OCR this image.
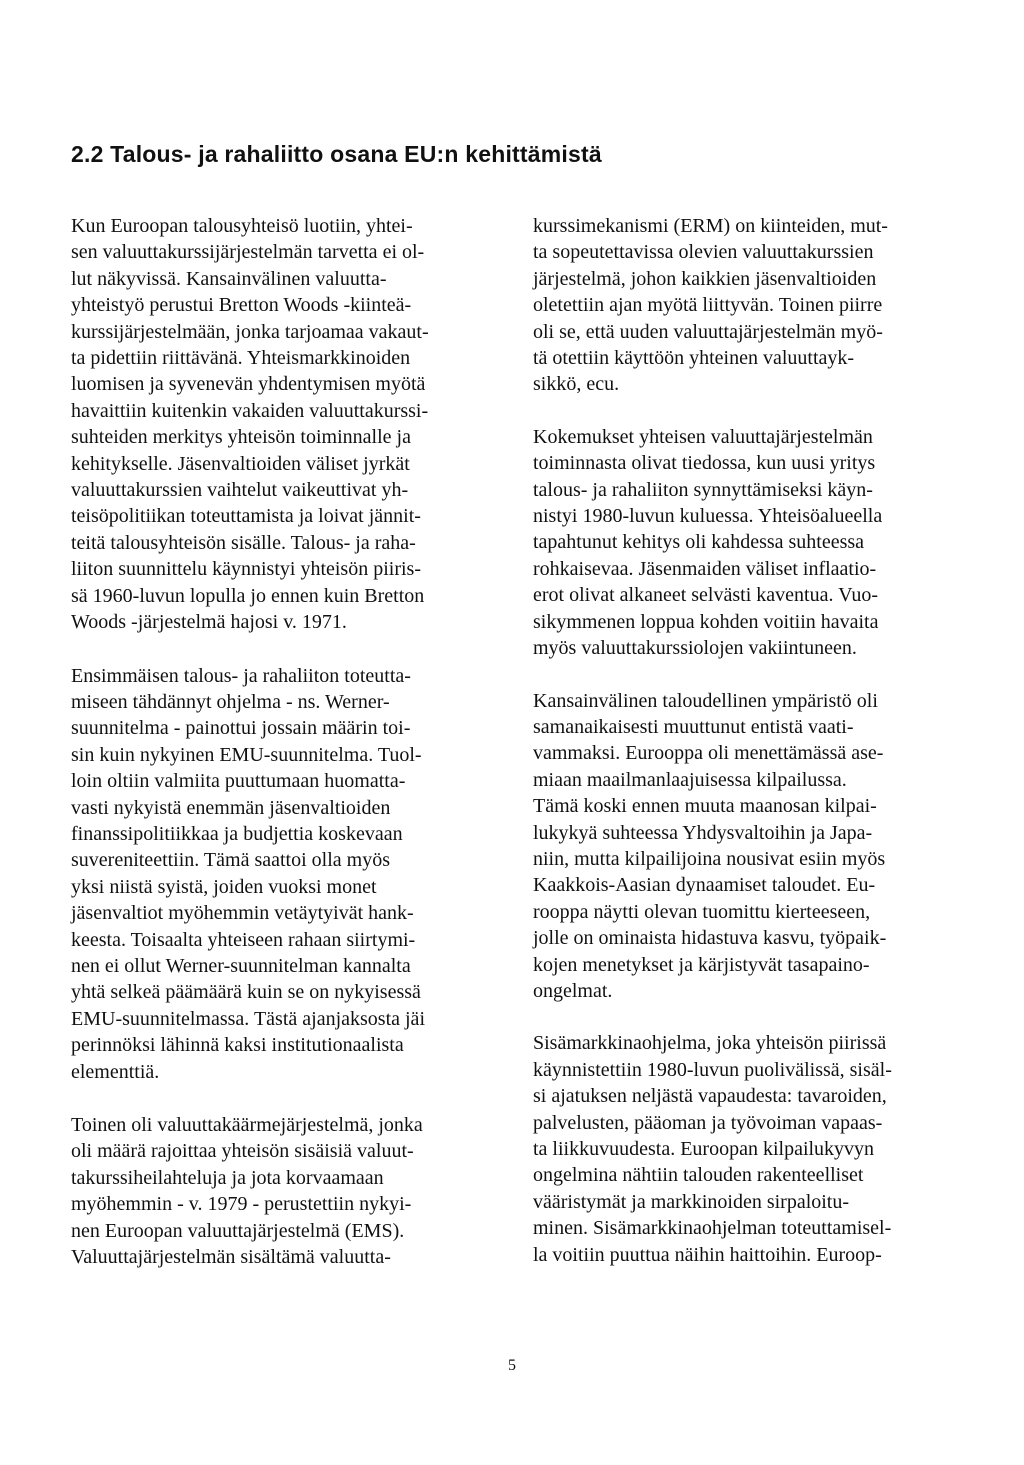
2.2 Talous- ja rahaliitto osana EU:n kehittämistä

Kun Euroopan talousyhteisö luotiin, yhtei-
sen valuuttakurssijärjestelmän tarvetta ei ol-
lut näkyvissä. Kansainvälinen valuutta-
yhteistyö perustui Bretton Woods -kiinteä-
kurssijärjestelmään, jonka tarjoamaa vakaut-
ta pidettiin riittävänä. Yhteismarkkinoiden
luomisen ja syvenevän yhdentymisen myötä
havaittiin kuitenkin vakaiden valuuttakurssi-
suhteiden merkitys yhteisön toiminnalle ja
kehitykselle. Jäsenvaltioiden väliset jyrkät
valuuttakurssien vaihtelut vaikeuttivat yh-
teisöpolitiikan toteuttamista ja loivat jännit-
teitä talousyhteisön sisälle. Talous- ja raha-
liiton suunnittelu käynnistyi yhteisön piiris-
sä 1960-luvun lopulla jo ennen kuin Bretton
Woods -järjestelmä hajosi v. 1971.

Ensimmäisen talous- ja rahaliiton toteutta-
miseen tähdännyt ohjelma - ns. Werner-
suunnitelma - painottui jossain määrin toi-
sin kuin nykyinen EMU-suunnitelma. Tuol-
loin oltiin valmiita puuttumaan huomatta-
vasti nykyistä enemmän jäsenvaltioiden
finanssipolitiikkaa ja budjettia koskevaan
suvereniteettiin. Tämä saattoi olla myös
yksi niistä syistä, joiden vuoksi monet
jäsenvaltiot myöhemmin vetäytyivät hank-
keesta. Toisaalta yhteiseen rahaan siirtymi-
nen ei ollut Werner-suunnitelman kannalta
yhtä selkeä päämäärä kuin se on nykyisessä
EMU-suunnitelmassa. Tästä ajanjaksosta jäi
perinnöksi lähinnä kaksi institutionaalista
elementtiä.

Toinen oli valuuttakäärmejärjestelmä, jonka
oli määrä rajoittaa yhteisön sisäisiä valuut-
takurssiheilahteluja ja jota korvaamaan
myöhemmin - v. 1979 - perustettiin nykyi-
nen Euroopan valuuttajärjestelmä (EMS).
Valuuttajärjestelmän sisältämä valuutta-

kurssimekanismi (ERM) on kiinteiden, mut-
ta sopeutettavissa olevien valuuttakurssien
järjestelmä, johon kaikkien jäsenvaltioiden
oletettiin ajan myötä liittyvän. Toinen piirre
oli se, että uuden valuuttajärjestelmän myö-
tä otettiin käyttöön yhteinen valuuttayk-
sikkö, ecu.

Kokemukset yhteisen valuuttajärjestelmän
toiminnasta olivat tiedossa, kun uusi yritys
talous- ja rahaliiton synnyttämiseksi käyn-
nistyi 1980-luvun kuluessa. Yhteisöalueella
tapahtunut kehitys oli kahdessa suhteessa
rohkaisevaa. Jäsenmaiden väliset inflaatio-
erot olivat alkaneet selvästi kaventua. Vuo-
sikymmenen loppua kohden voitiin havaita
myös valuuttakurssiolojen vakiintuneen.

Kansainvälinen taloudellinen ympäristö oli
samanaikaisesti muuttunut entistä vaati-
vammaksi. Eurooppa oli menettämässä ase-
miaan maailmanlaajuisessa kilpailussa.
Tämä koski ennen muuta maanosan kilpai-
lukykyä suhteessa Yhdysvaltoihin ja Japa-
niin, mutta kilpailijoina nousivat esiin myös
Kaakkois-Aasian dynaamiset taloudet. Eu-
rooppa näytti olevan tuomittu kierteeseen,
jolle on ominaista hidastuva kasvu, työpaik-
kojen menetykset ja kärjistyvät tasapaino-
ongelmat.

Sisämarkkinaohjelma, joka yhteisön piirissä
käynnistettiin 1980-luvun puolivälissä, sisäl-
si ajatuksen neljästä vapaudesta: tavaroiden,
palvelusten, pääoman ja työvoiman vapaas-
ta liikkuvuudesta. Euroopan kilpailukyvyn
ongelmina nähtiin talouden rakenteelliset
vääristymät ja markkinoiden sirpaloitu-
minen. Sisämarkkinaohjelman toteuttamisel-
la voitiin puuttua näihin haittoihin. Euroop-

5
